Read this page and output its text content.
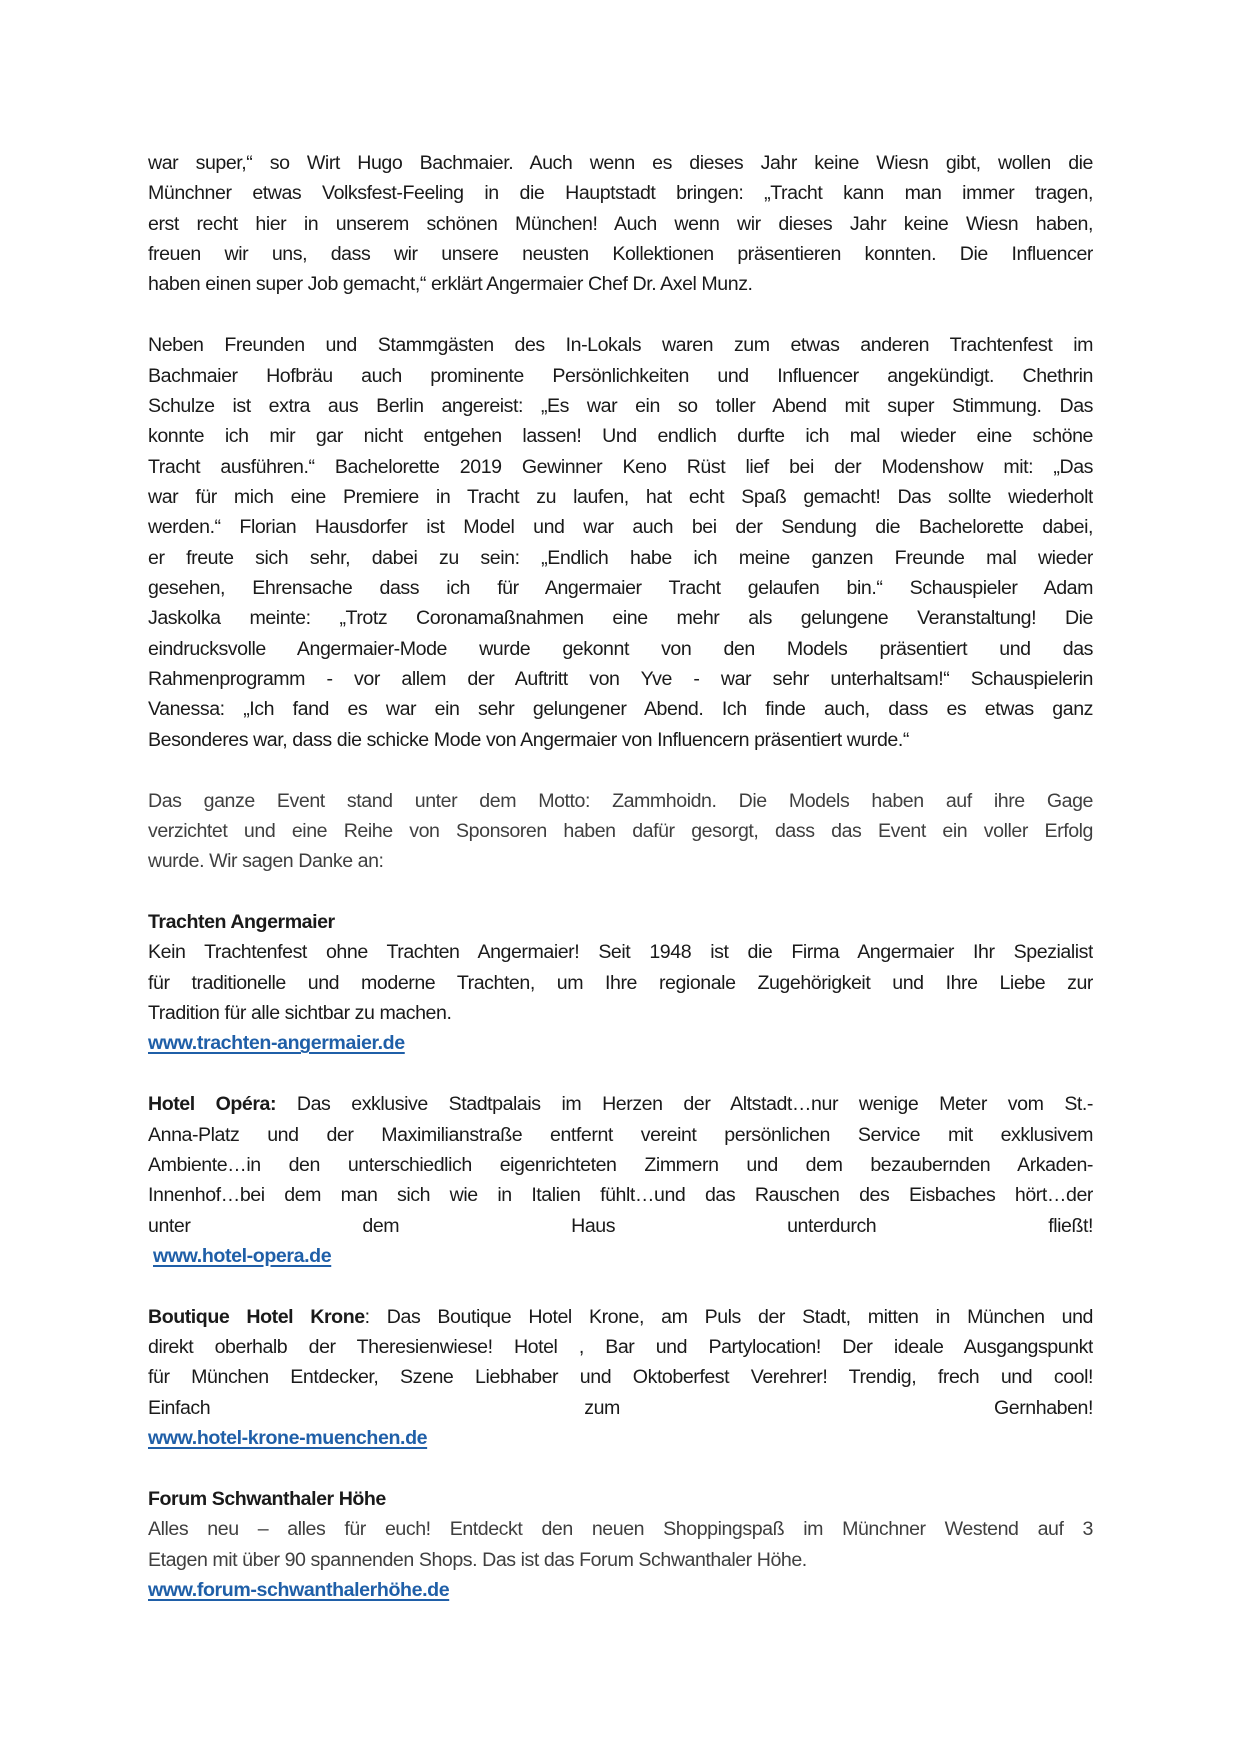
war super,“ so Wirt Hugo Bachmaier. Auch wenn es dieses Jahr keine Wiesn gibt, wollen die
Münchner etwas Volksfest-Feeling in die Hauptstadt bringen: „Tracht kann man immer tragen,
erst recht hier in unserem schönen München! Auch wenn wir dieses Jahr keine Wiesn haben,
freuen wir uns, dass wir unsere neusten Kollektionen präsentieren konnten. Die Influencer
haben einen super Job gemacht,“ erklärt Angermaier Chef Dr. Axel Munz.
Neben Freunden und Stammgästen des In-Lokals waren zum etwas anderen Trachtenfest im
Bachmaier Hofbräu auch prominente Persönlichkeiten und Influencer angekündigt. Chethrin
Schulze ist extra aus Berlin angereist: „Es war ein so toller Abend mit super Stimmung. Das
konnte ich mir gar nicht entgehen lassen! Und endlich durfte ich mal wieder eine schöne
Tracht ausführen.“ Bachelorette 2019 Gewinner Keno Rüst lief bei der Modenshow mit: „Das
war für mich eine Premiere in Tracht zu laufen, hat echt Spaß gemacht! Das sollte wiederholt
werden.“ Florian Hausdorfer ist Model und war auch bei der Sendung die Bachelorette dabei,
er freute sich sehr, dabei zu sein: „Endlich habe ich meine ganzen Freunde mal wieder
gesehen, Ehrensache dass ich für Angermaier Tracht gelaufen bin.“ Schauspieler Adam
Jaskolka meinte: „Trotz Coronamaßnahmen eine mehr als gelungene Veranstaltung! Die
eindrucksvolle Angermaier-Mode wurde gekonnt von den Models präsentiert und das
Rahmenprogramm - vor allem der Auftritt von Yve - war sehr unterhaltsam!“ Schauspielerin
Vanessa: „Ich fand es war ein sehr gelungener Abend. Ich finde auch, dass es etwas ganz
Besonderes war, dass die schicke Mode von Angermaier von Influencern präsentiert wurde.“
Das ganze Event stand unter dem Motto: Zammhoidn. Die Models haben auf ihre Gage
verzichtet und eine Reihe von Sponsoren haben dafür gesorgt, dass das Event ein voller Erfolg
wurde. Wir sagen Danke an:
Trachten Angermaier
Kein Trachtenfest ohne Trachten Angermaier! Seit 1948 ist die Firma Angermaier Ihr Spezialist
für traditionelle und moderne Trachten, um Ihre regionale Zugehörigkeit und Ihre Liebe zur
Tradition für alle sichtbar zu machen.
www.trachten-angermaier.de
Hotel Opéra: Das exklusive Stadtpalais im Herzen der Altstadt…nur wenige Meter vom St.-
Anna-Platz und der Maximilianstraße entfernt vereint persönlichen Service mit exklusivem
Ambiente…in den unterschiedlich eigenrichteten Zimmern und dem bezaubernden Arkaden-
Innenhof…bei dem man sich wie in Italien fühlt…und das Rauschen des Eisbaches hört…der
unter dem Haus unterdurch fließt!
www.hotel-opera.de
Boutique Hotel Krone: Das Boutique Hotel Krone, am Puls der Stadt, mitten in München und
direkt oberhalb der Theresienwiese! Hotel , Bar und Partylocation! Der ideale Ausgangspunkt
für München Entdecker, Szene Liebhaber und Oktoberfest Verehrer! Trendig, frech und cool!
Einfach zum Gernhaben!
www.hotel-krone-muenchen.de
Forum Schwanthaler Höhe
Alles neu – alles für euch! Entdeckt den neuen Shoppingspaß im Münchner Westend auf 3
Etagen mit über 90 spannenden Shops. Das ist das Forum Schwanthaler Höhe.
www.forum-schwanthalerhöhe.de
